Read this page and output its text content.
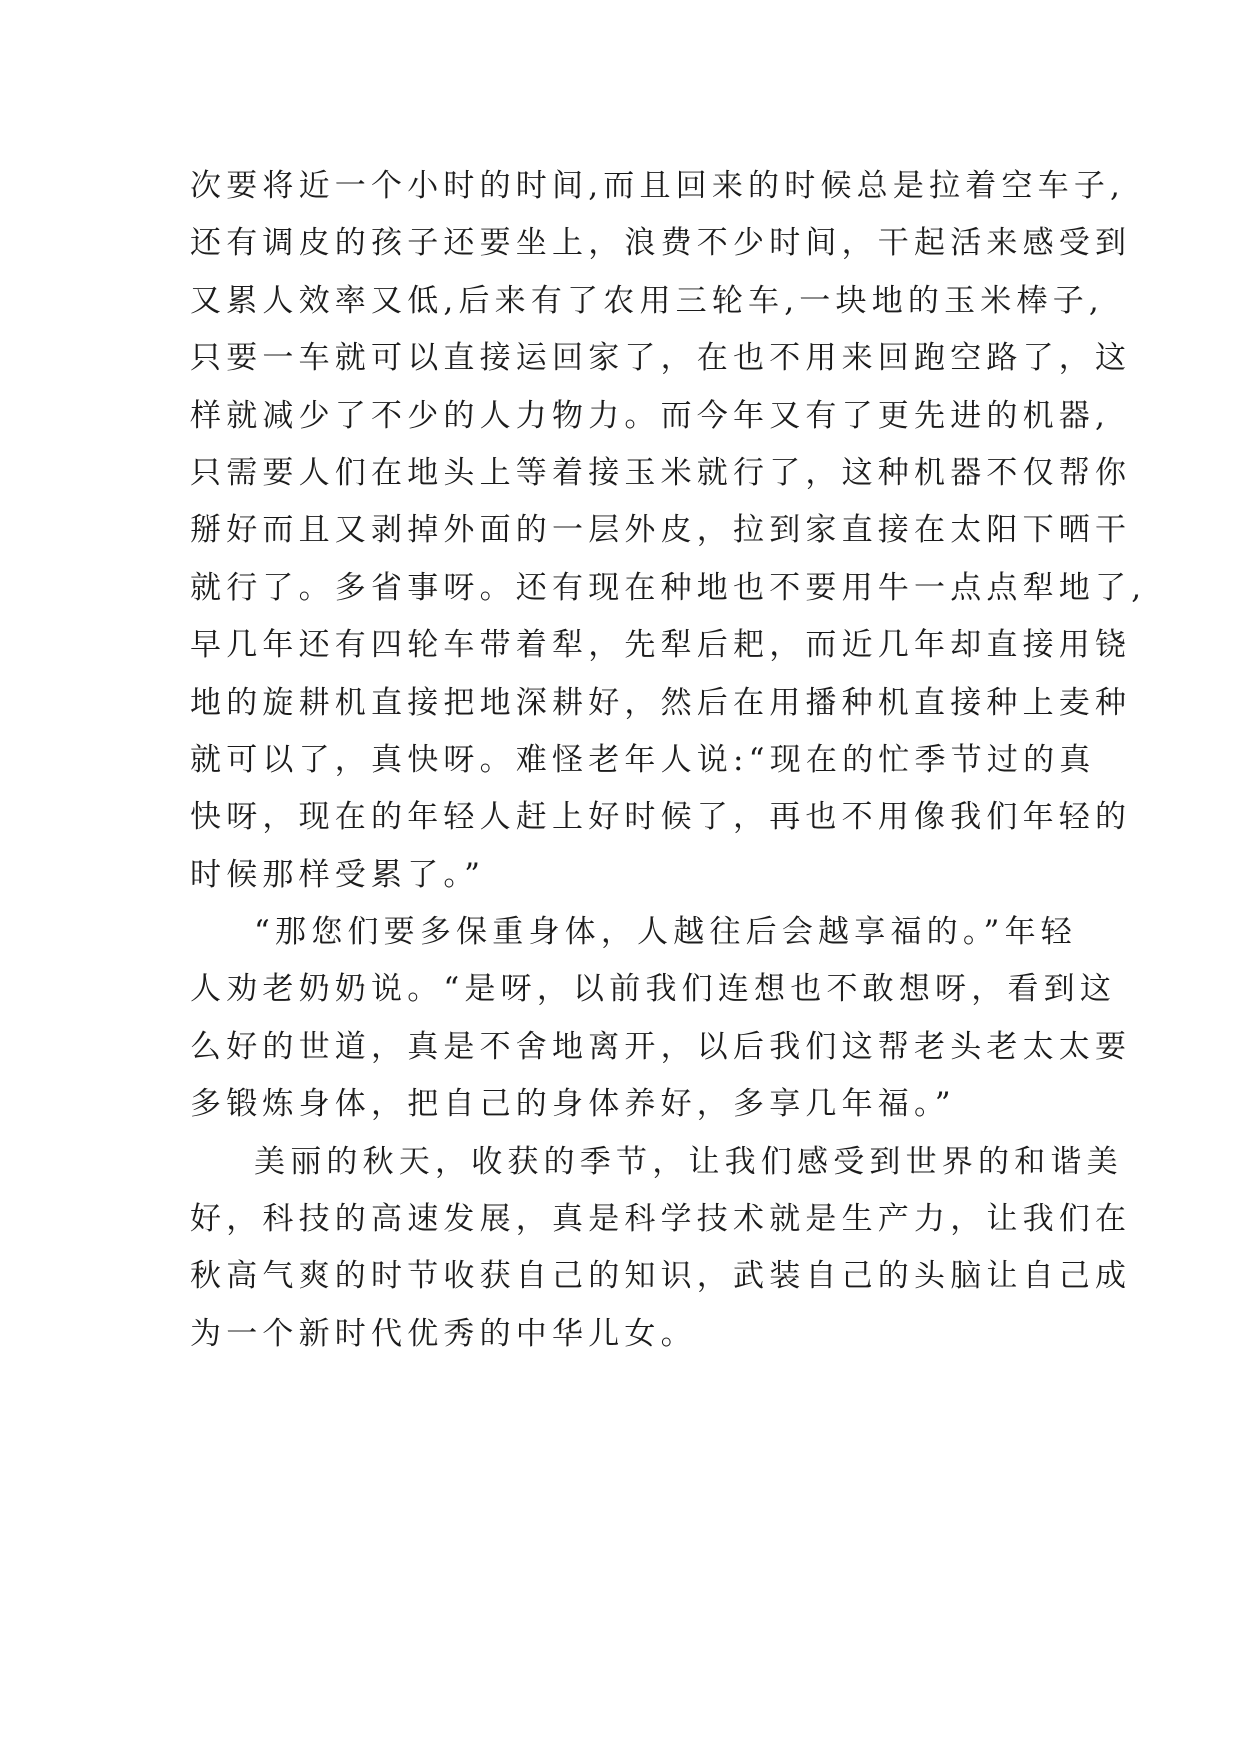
次要将近一个小时的时间,而且回来的时候总是拉着空车子,
还有调皮的孩子还要坐上，浪费不少时间，干起活来感受到
又累人效率又低,后来有了农用三轮车,一块地的玉米棒子,
只要一车就可以直接运回家了，在也不用来回跑空路了，这
样就减少了不少的人力物力。而今年又有了更先进的机器,
只需要人们在地头上等着接玉米就行了，这种机器不仅帮你
掰好而且又剥掉外面的一层外皮，拉到家直接在太阳下晒干
就行了。多省事呀。还有现在种地也不要用牛一点点犁地了,
早几年还有四轮车带着犁，先犁后耙，而近几年却直接用铙
地的旋耕机直接把地深耕好，然后在用播种机直接种上麦种
就可以了，真快呀。难怪老年人说:“现在的忙季节过的真
快呀，现在的年轻人赶上好时候了，再也不用像我们年轻的
时候那样受累了。”
“那您们要多保重身体，人越往后会越享福的。”年轻
人劝老奶奶说。“是呀，以前我们连想也不敢想呀，看到这
么好的世道，真是不舍地离开，以后我们这帮老头老太太要
多锻炼身体，把自己的身体养好，多享几年福。”
美丽的秋天，收获的季节，让我们感受到世界的和谐美
好，科技的高速发展，真是科学技术就是生产力，让我们在
秋高气爽的时节收获自己的知识，武装自己的头脑让自己成
为一个新时代优秀的中华儿女。
